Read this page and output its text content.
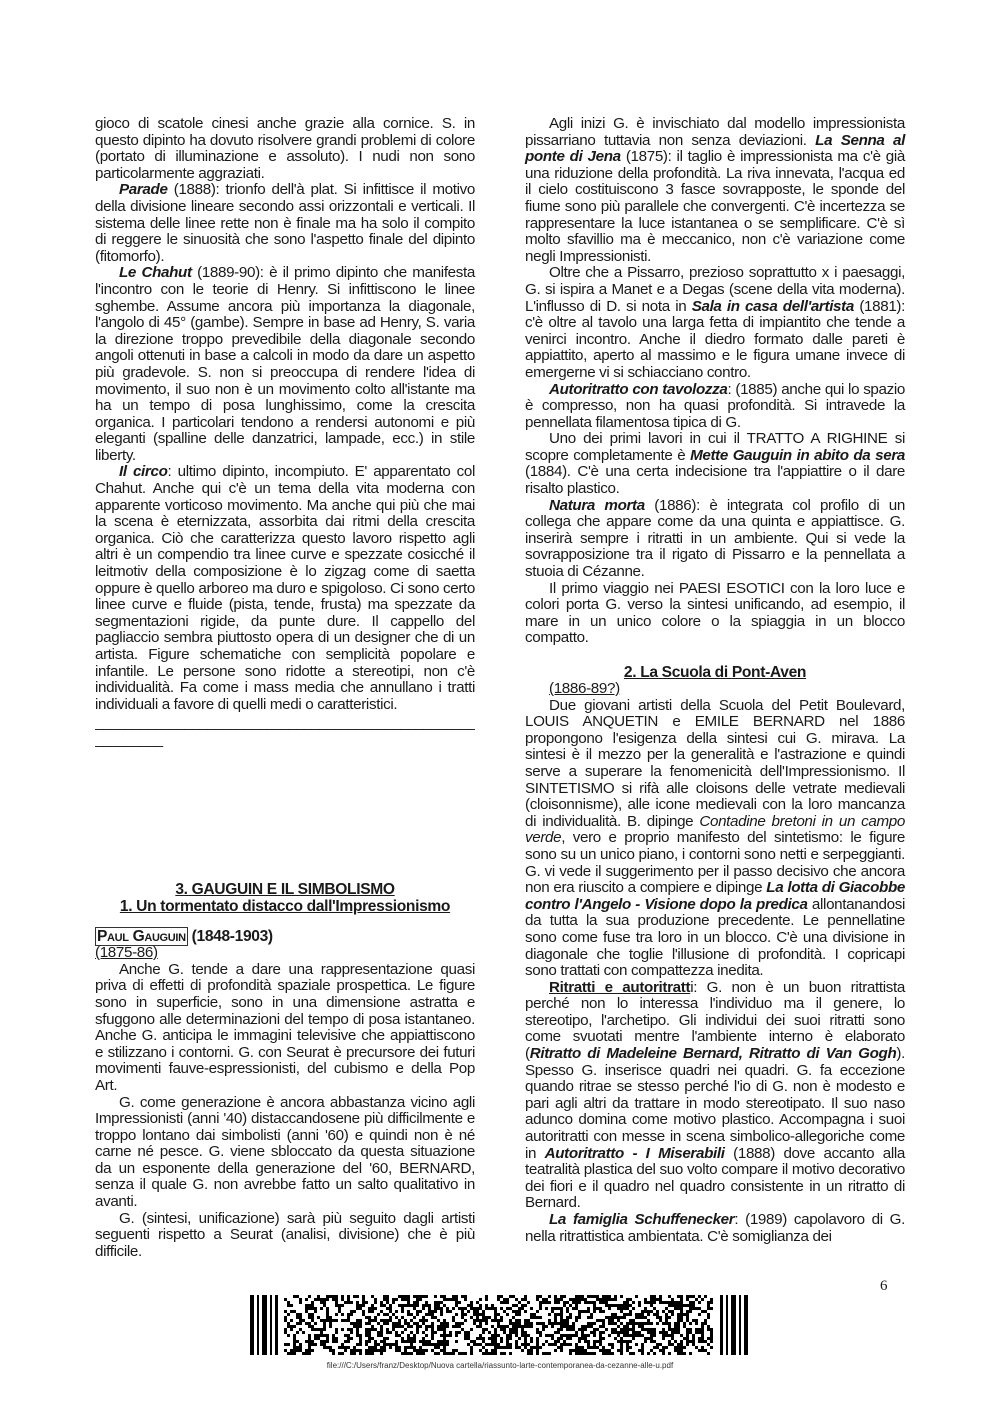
gioco di scatole cinesi anche grazie alla cornice. S. in questo dipinto ha dovuto risolvere grandi problemi di colore (portato di illuminazione e assoluto). I nudi non sono particolarmente aggraziati.

Parade (1888): trionfo dell'à plat. Si infittisce il motivo della divisione lineare secondo assi orizzontali e verticali. Il sistema delle linee rette non è finale ma ha solo il compito di reggere le sinuosità che sono l'aspetto finale del dipinto (fitomorfo).

Le Chahut (1889-90): è il primo dipinto che manifesta l'incontro con le teorie di Henry. Si infittiscono le linee sghembe. Assume ancora più importanza la diagonale, l'angolo di 45° (gambe). Sempre in base ad Henry, S. varia la direzione troppo prevedibile della diagonale secondo angoli ottenuti in base a calcoli in modo da dare un aspetto più gradevole. S. non si preoccupa di rendere l'idea di movimento, il suo non è un movimento colto all'istante ma ha un tempo di posa lunghissimo, come la crescita organica. I particolari tendono a rendersi autonomi e più eleganti (spalline delle danzatrici, lampade, ecc.) in stile liberty.

Il circo: ultimo dipinto, incompiuto. E' apparentato col Chahut. Anche qui c'è un tema della vita moderna con apparente vorticoso movimento. Ma anche qui più che mai la scena è eternizzata, assorbita dai ritmi della crescita organica. Ciò che caratterizza questo lavoro rispetto agli altri è un compendio tra linee curve e spezzate cosicché il leitmotiv della composizione è lo zigzag come di saetta oppure è quello arboreo ma duro e spigoloso. Ci sono certo linee curve e fluide (pista, tende, frusta) ma spezzate da segmentazioni rigide, da punte dure. Il cappello del pagliaccio sembra piuttosto opera di un designer che di un artista. Figure schematiche con semplicità popolare e infantile. Le persone sono ridotte a stereotipi, non c'è individualità. Fa come i mass media che annullano i tratti individuali a favore di quelli medi o caratteristici.

___________________________________________________
_________
3. GAUGUIN E IL SIMBOLISMO
1. Un tormentato distacco dall'Impressionismo
Paul Gauguin (1848-1903)
(1875-86)

Anche G. tende a dare una rappresentazione quasi priva di effetti di profondità spaziale prospettica. Le figure sono in superficie, sono in una dimensione astratta e sfuggono alle determinazioni del tempo di posa istantaneo. Anche G. anticipa le immagini televisive che appiattiscono e stilizzano i contorni. G. con Seurat è precursore dei futuri movimenti fauve-espressionisti, del cubismo e della Pop Art.

G. come generazione è ancora abbastanza vicino agli Impressionisti (anni '40) distaccandosene più difficilmente e troppo lontano dai simbolisti (anni '60) e quindi non è né carne né pesce. G. viene sbloccato da questa situazione da un esponente della generazione del '60, BERNARD, senza il quale G. non avrebbe fatto un salto qualitativo in avanti.

G. (sintesi, unificazione) sarà più seguito dagli artisti seguenti rispetto a Seurat (analisi, divisione) che è più difficile.

Agli inizi G. è invischiato dal modello impressionista pissarriano tuttavia non senza deviazioni. La Senna al ponte di Jena (1875): il taglio è impressionista ma c'è già una riduzione della profondità. La riva innevata, l'acqua ed il cielo costituiscono 3 fasce sovrapposte, le sponde del fiume sono più parallele che convergenti. C'è incertezza se rappresentare la luce istantanea o se semplificare. C'è sì molto sfavillio ma è meccanico, non c'è variazione come negli Impressionisti.

Oltre che a Pissarro, prezioso soprattutto x i paesaggi, G. si ispira a Manet e a Degas (scene della vita moderna). L'influsso di D. si nota in Sala in casa dell'artista (1881): c'è oltre al tavolo una larga fetta di impiantito che tende a venirci incontro. Anche il diedro formato dalle pareti è appiattito, aperto al massimo e le figura umane invece di emergerne vi si schiacciano contro.

Autoritratto con tavolozza: (1885) anche qui lo spazio è compresso, non ha quasi profondità. Si intravede la pennellata filamentosa tipica di G.

Uno dei primi lavori in cui il TRATTO A RIGHINE si scopre completamente è Mette Gauguin in abito da sera (1884). C'è una certa indecisione tra l'appiattire o il dare risalto plastico.

Natura morta (1886): è integrata col profilo di un collega che appare come da una quinta e appiattisce. G. inserirà sempre i ritratti in un ambiente. Qui si vede la sovrapposizione tra il rigato di Pissarro e la pennellata a stuoia di Cézanne.

Il primo viaggio nei PAESI ESOTICI con la loro luce e colori porta G. verso la sintesi unificando, ad esempio, il mare in un unico colore o la spiaggia in un blocco compatto.

2. La Scuola di Pont-Aven
(1886-89?)

Due giovani artisti della Scuola del Petit Boulevard, LOUIS ANQUETIN e EMILE BERNARD nel 1886 propongono l'esigenza della sintesi cui G. mirava. La sintesi è il mezzo per la generalità e l'astrazione e quindi serve a superare la fenomenicità dell'Impressionismo. Il SINTETISMO si rifà alle cloisons delle vetrate medievali (cloisonnisme), alle icone medievali con la loro mancanza di individualità. B. dipinge Contadine bretoni in un campo verde, vero e proprio manifesto del sintetismo: le figure sono su un unico piano, i contorni sono netti e serpeggianti. G. vi vede il suggerimento per il passo decisivo che ancora non era riuscito a compiere e dipinge La lotta di Giacobbe contro l'Angelo - Visione dopo la predica allontanandosi da tutta la sua produzione precedente. Le pennellatine sono come fuse tra loro in un blocco. C'è una divisione in diagonale che toglie l'illusione di profondità. I copricapi sono trattati con compattezza inedita.

Ritratti e autoritratti: G. non è un buon ritrattista perché non lo interessa l'individuo ma il genere, lo stereotipo, l'archetipo. Gli individui dei suoi ritratti sono come svuotati mentre l'ambiente interno è elaborato (Ritratto di Madeleine Bernard, Ritratto di Van Gogh). Spesso G. inserisce quadri nei quadri. G. fa eccezione quando ritrae se stesso perché l'io di G. non è modesto e pari agli altri da trattare in modo stereotipato. Il suo naso adunco domina come motivo plastico. Accompagna i suoi autoritratti con messe in scena simbolico-allegoriche come in Autoritratto - I Miserabili (1888) dove accanto alla teatralità plastica del suo volto compare il motivo decorativo dei fiori e il quadro nel quadro consistente in un ritratto di Bernard.

La famiglia Schuffenecker: (1989) capolavoro di G. nella ritrattistica ambientata. C'è somiglianza dei

6
file:///C:/Users/franz/Desktop/Nuova cartella/riassunto-larte-contemporanea-da-cezanne-alle-u.pdf
